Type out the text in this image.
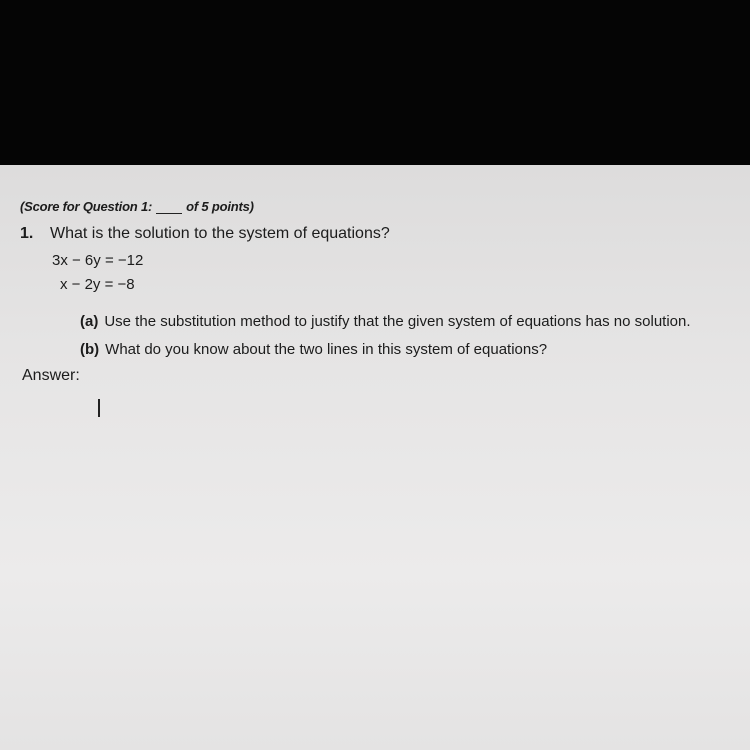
(Score for Question 1:	of 5 points)
1. What is the solution to the system of equations?
3x − 6y = −12
x − 2y = −8
(a) Use the substitution method to justify that the given system of equations has no solution.
(b) What do you know about the two lines in this system of equations?
Answer:
